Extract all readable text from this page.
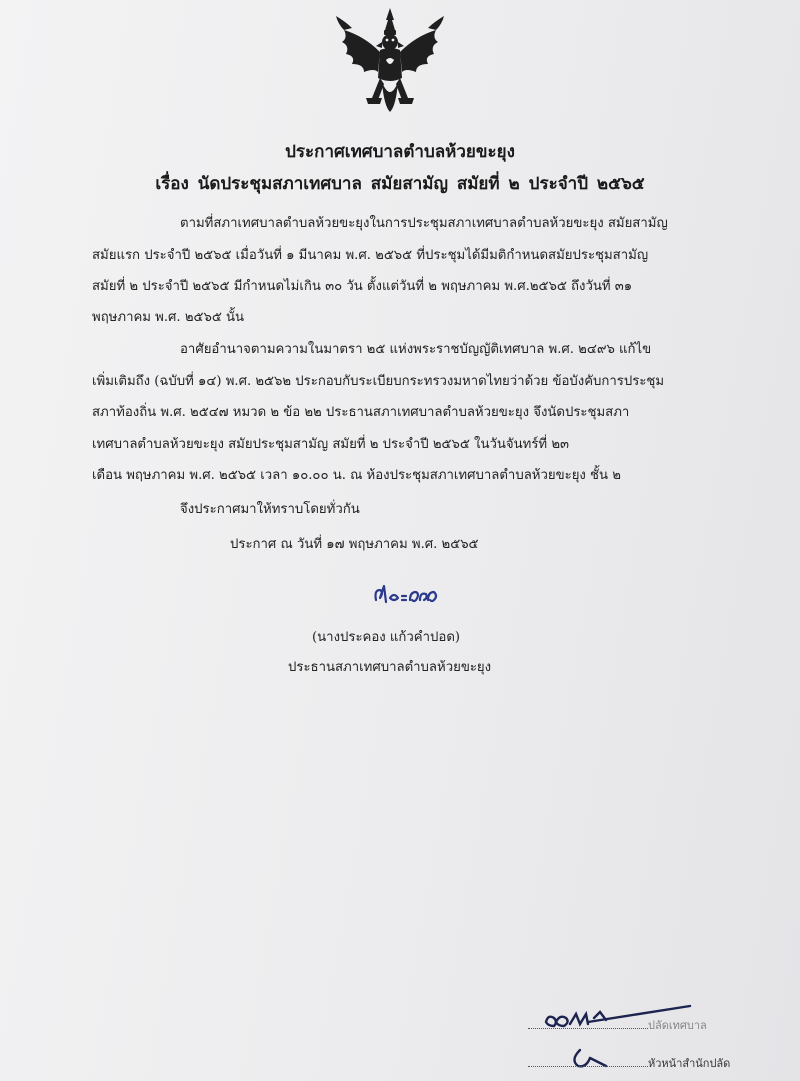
ประกาศเทศบาลตำบลห้วยขะยุง
เรื่อง นัดประชุมสภาเทศบาล สมัยสามัญ สมัยที่ ๒ ประจำปี ๒๕๖๕
ตามที่สภาเทศบาลตำบลห้วยขะยุงในการประชุมสภาเทศบาลตำบลห้วยขะยุง สมัยสามัญ
สมัยแรก ประจำปี ๒๕๖๕ เมื่อวันที่ ๑ มีนาคม พ.ศ. ๒๕๖๕ ที่ประชุมได้มีมติกำหนดสมัยประชุมสามัญ
สมัยที่ ๒ ประจำปี ๒๕๖๕ มีกำหนดไม่เกิน ๓๐ วัน ตั้งแต่วันที่ ๒ พฤษภาคม พ.ศ.๒๕๖๕ ถึงวันที่ ๓๑
พฤษภาคม พ.ศ. ๒๕๖๕ นั้น
อาศัยอำนาจตามความในมาตรา ๒๕ แห่งพระราชบัญญัติเทศบาล พ.ศ. ๒๔๙๖ แก้ไข
เพิ่มเติมถึง (ฉบับที่ ๑๔) พ.ศ. ๒๕๖๒ ประกอบกับระเบียบกระทรวงมหาดไทยว่าด้วย ข้อบังคับการประชุม
สภาท้องถิ่น พ.ศ. ๒๕๔๗ หมวด ๒ ข้อ ๒๒ ประธานสภาเทศบาลตำบลห้วยขะยุง จึงนัดประชุมสภา
เทศบาลตำบลห้วยขะยุง สมัยประชุมสามัญ สมัยที่ ๒ ประจำปี ๒๕๖๕ ในวันจันทร์ที่ ๒๓
เดือน พฤษภาคม พ.ศ. ๒๕๖๕ เวลา ๑๐.๐๐ น. ณ ห้องประชุมสภาเทศบาลตำบลห้วยขะยุง ชั้น ๒
จึงประกาศมาให้ทราบโดยทั่วกัน
ประกาศ ณ วันที่ ๑๗ พฤษภาคม พ.ศ. ๒๕๖๕
(นางประคอง แก้วคำปอด)
ประธานสภาเทศบาลตำบลห้วยขะยุง
ปลัดเทศบาล
หัวหน้าสำนักปลัด
